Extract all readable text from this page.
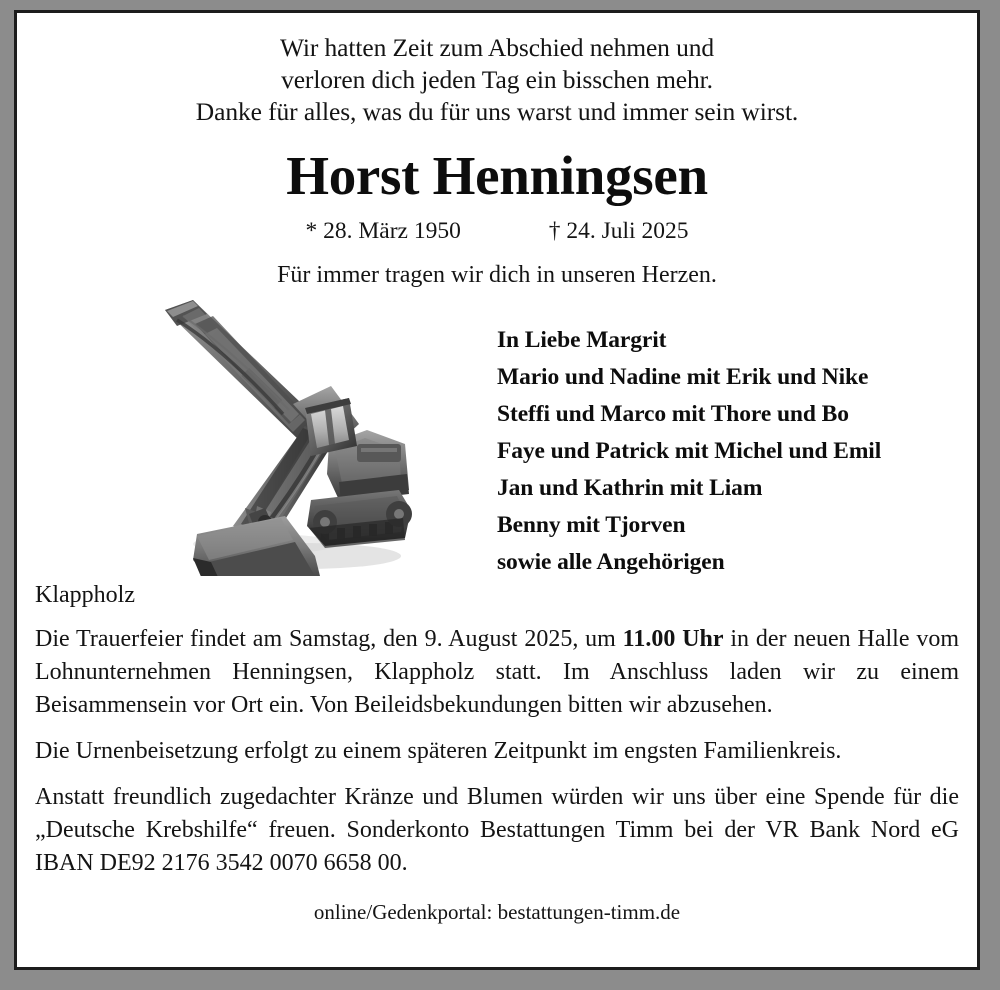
Wir hatten Zeit zum Abschied nehmen und
verloren dich jeden Tag ein bisschen mehr.
Danke für alles, was du für uns warst und immer sein wirst.
Horst Henningsen
* 28. März 1950	† 24. Juli 2025
Für immer tragen wir dich in unseren Herzen.
In Liebe Margrit
Mario und Nadine mit Erik und Nike
Steffi und Marco mit Thore und Bo
Faye und Patrick mit Michel und Emil
Jan und Kathrin mit Liam
Benny mit Tjorven
sowie alle Angehörigen
Klappholz
Die Trauerfeier findet am Samstag, den 9. August 2025, um 11.00 Uhr in der neuen Halle vom Lohnunternehmen Henningsen, Klappholz statt. Im Anschluss laden wir zu einem Beisammensein vor Ort ein. Von Beileidsbekundungen bitten wir abzusehen.
Die Urnenbeisetzung erfolgt zu einem späteren Zeitpunkt im engsten Familienkreis.
Anstatt freundlich zugedachter Kränze und Blumen würden wir uns über eine Spende für die „Deutsche Krebshilfe“ freuen. Sonderkonto Bestattungen Timm bei der VR Bank Nord eG IBAN DE92 2176 3542 0070 6658 00.
online/Gedenkportal: bestattungen-timm.de
